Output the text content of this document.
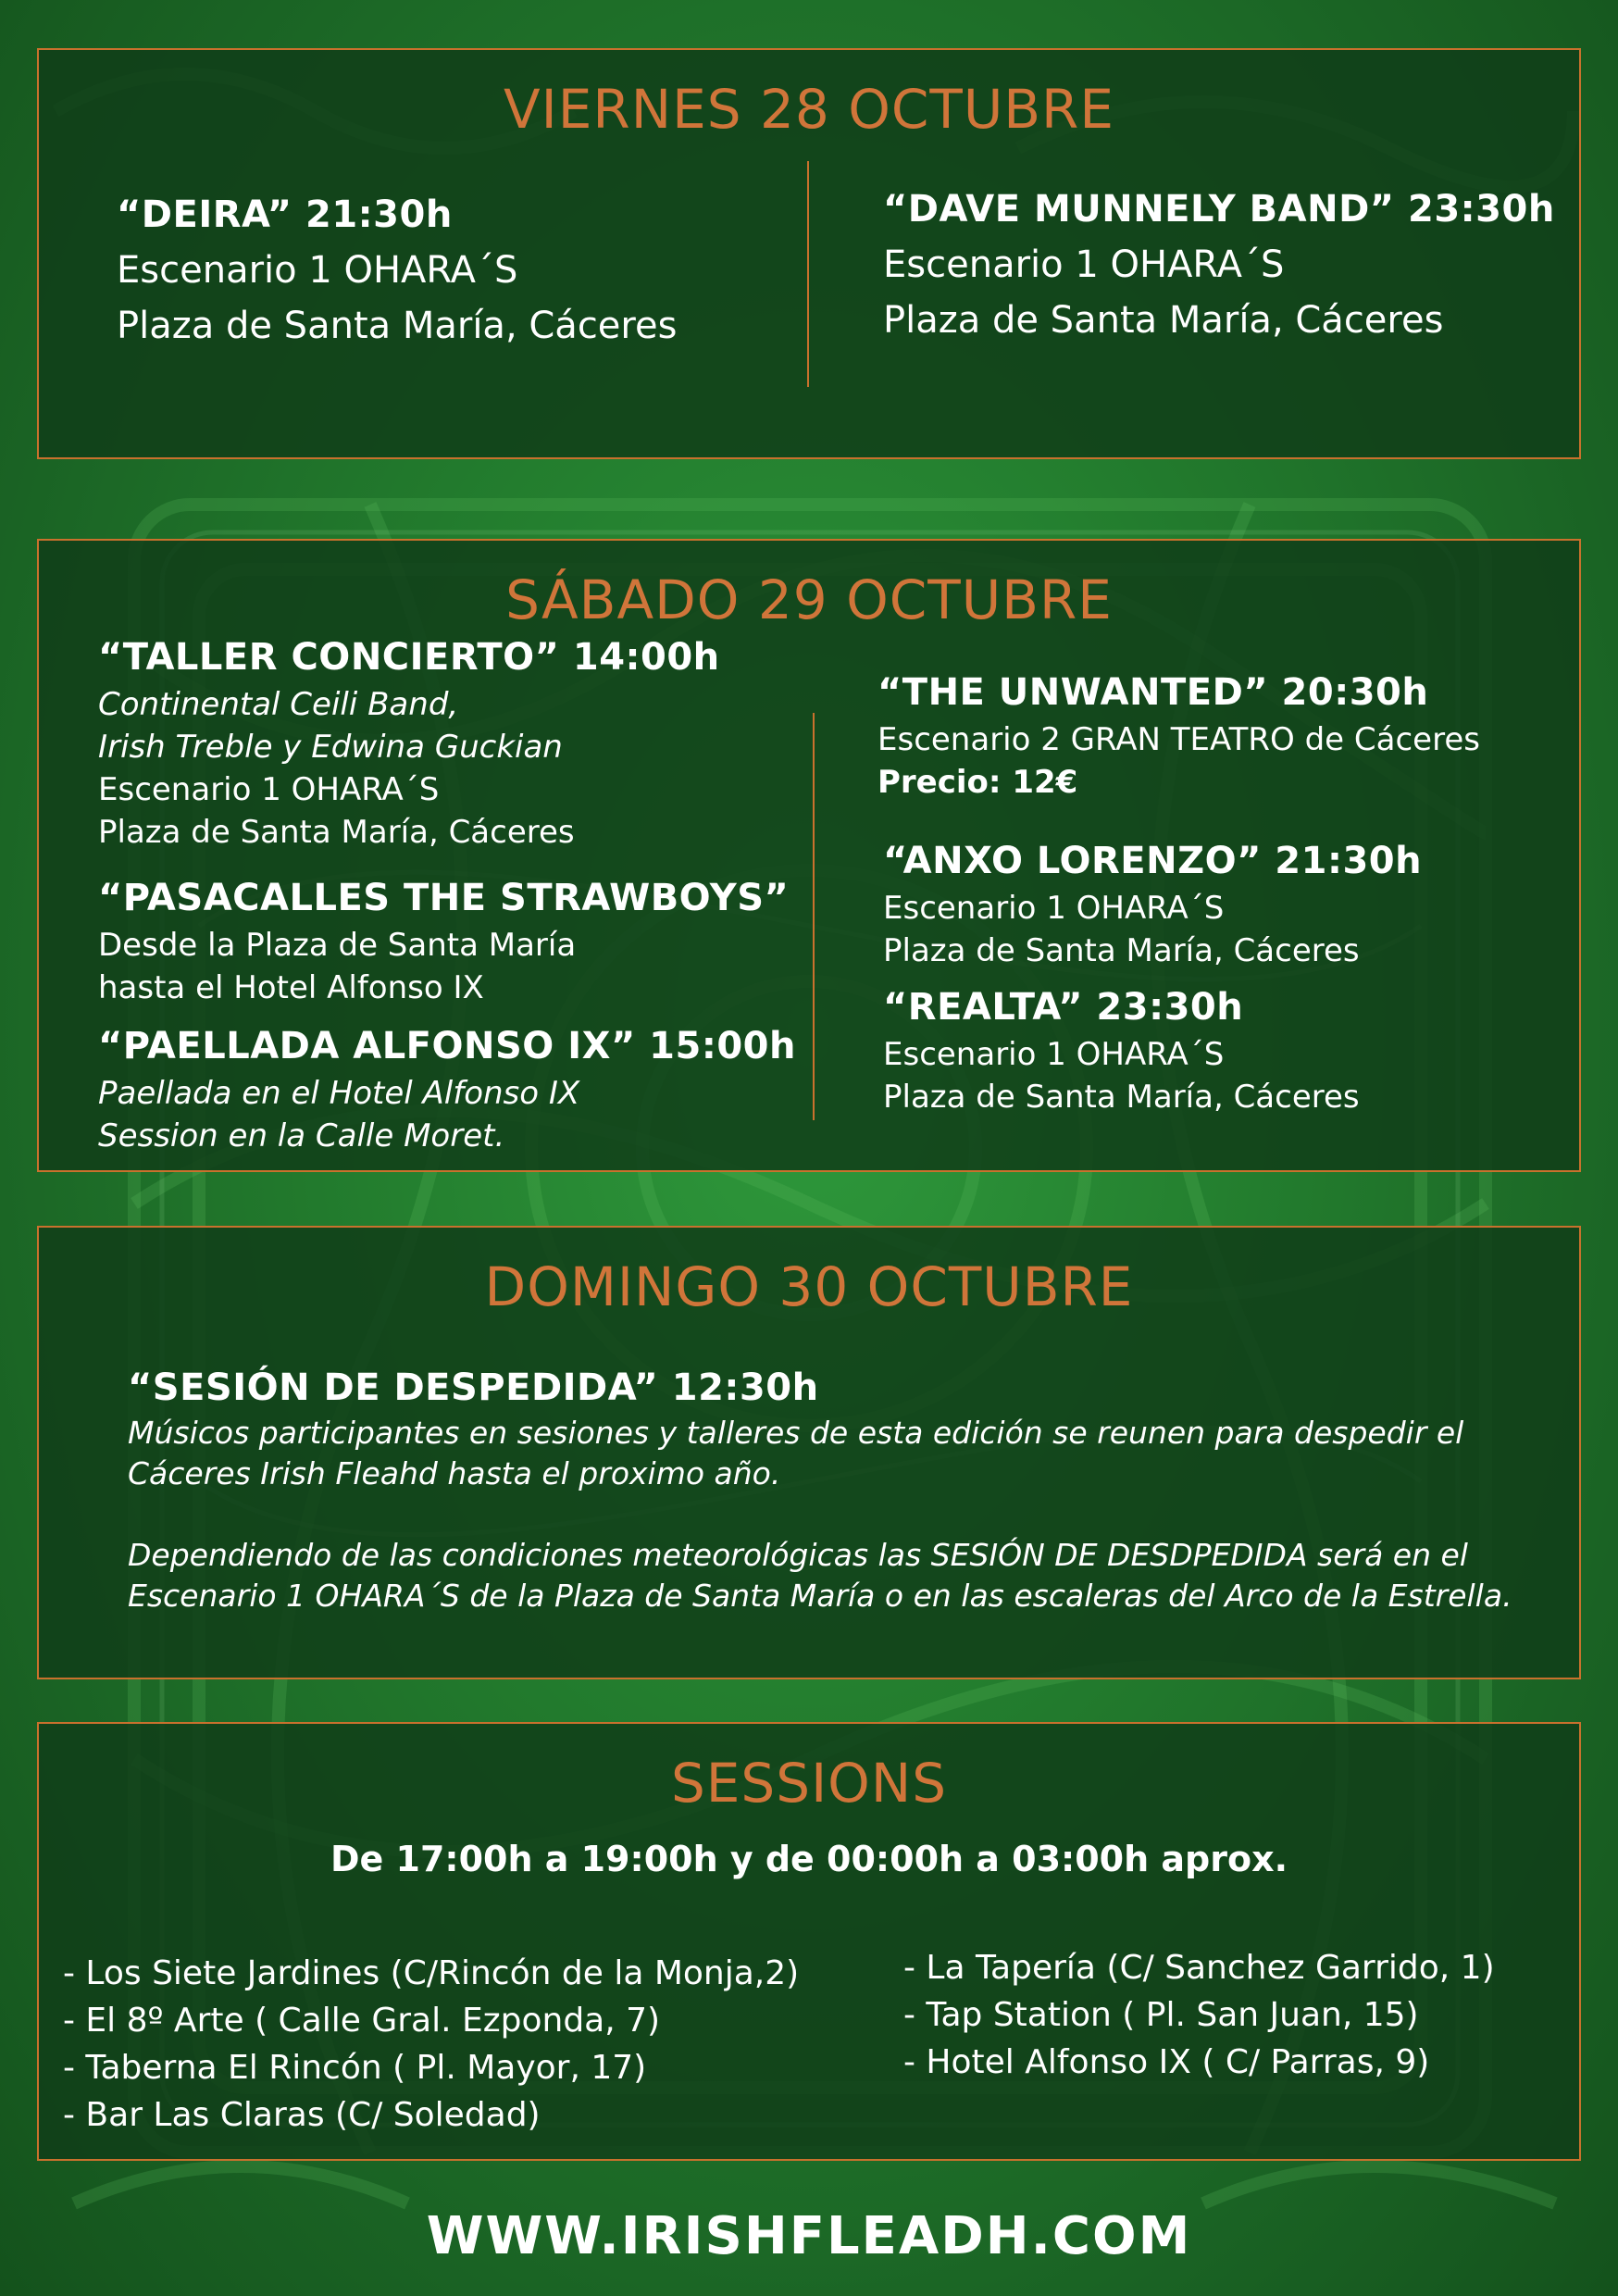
VIERNES 28 OCTUBRE
“DEIRA” 21:30h
Escenario 1 OHARA´S
Plaza de Santa María, Cáceres
“DAVE MUNNELY BAND” 23:30h
Escenario 1 OHARA´S
Plaza de Santa María, Cáceres
SÁBADO 29 OCTUBRE
“TALLER CONCIERTO” 14:00h
Continental Ceili Band,
Irish Treble y Edwina Guckian
Escenario 1 OHARA´S
Plaza de Santa María, Cáceres
“PASACALLES THE STRAWBOYS”
Desde la Plaza de Santa María
hasta el Hotel Alfonso IX
“PAELLADA ALFONSO IX” 15:00h
Paellada en el Hotel Alfonso IX
Session en la Calle Moret.
“THE UNWANTED” 20:30h
Escenario 2 GRAN TEATRO de Cáceres
Precio: 12€
“ANXO LORENZO” 21:30h
Escenario 1 OHARA´S
Plaza de Santa María, Cáceres
“REALTA” 23:30h
Escenario 1 OHARA´S
Plaza de Santa María, Cáceres
DOMINGO 30 OCTUBRE
“SESIÓN DE DESPEDIDA” 12:30h
Músicos participantes en sesiones y talleres de esta edición se reunen para despedir el
Cáceres Irish Fleahd hasta el proximo año.

Dependiendo de las condiciones meteorológicas las SESIÓN DE DESDPEDIDA será en el
Escenario 1 OHARA´S de la Plaza de Santa María o en las escaleras del Arco de la Estrella.
SESSIONS
De 17:00h a 19:00h y de 00:00h a 03:00h aprox.
- Los Siete Jardines (C/Rincón de la Monja,2)
- El 8º Arte ( Calle Gral. Ezponda, 7)
- Taberna El Rincón ( Pl. Mayor, 17)
- Bar Las Claras (C/ Soledad)
- La Tapería (C/ Sanchez Garrido, 1)
- Tap Station ( Pl. San Juan, 15)
- Hotel Alfonso IX ( C/ Parras, 9)
WWW.IRISHFLEADH.COM
